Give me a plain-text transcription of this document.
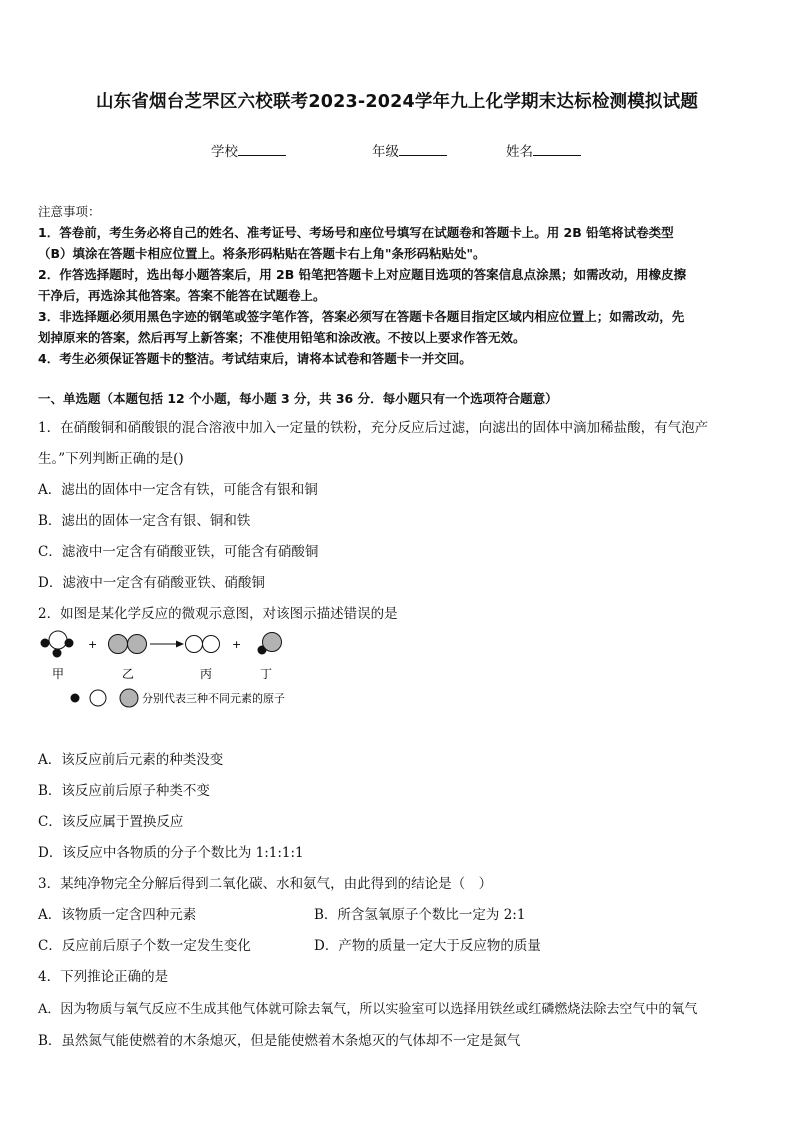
山东省烟台芝罘区六校联考2023-2024学年九上化学期末达标检测模拟试题
学校	年级	姓名
注意事项：
1．答卷前，考生务必将自己的姓名、准考证号、考场号和座位号填写在试题卷和答题卡上。用 2B 铅笔将试卷类型
（B）填涂在答题卡相应位置上。将条形码粘贴在答题卡右上角"条形码粘贴处"。
2．作答选择题时，选出每小题答案后，用 2B 铅笔把答题卡上对应题目选项的答案信息点涂黑；如需改动，用橡皮擦
干净后，再选涂其他答案。答案不能答在试题卷上。
3．非选择题必须用黑色字迹的钢笔或签字笔作答，答案必须写在答题卡各题目指定区域内相应位置上；如需改动，先
划掉原来的答案，然后再写上新答案；不准使用铅笔和涂改液。不按以上要求作答无效。
4．考生必须保证答题卡的整洁。考试结束后，请将本试卷和答题卡一并交回。
一、单选题（本题包括 12 个小题，每小题 3 分，共 36 分．每小题只有一个选项符合题意）
1．在硝酸铜和硝酸银的混合溶液中加入一定量的铁粉，充分反应后过滤，向滤出的固体中滴加稀盐酸，有气泡产
生。”下列判断正确的是()
A．滤出的固体中一定含有铁，可能含有银和铜
B．滤出的固体一定含有银、铜和铁
C．滤液中一定含有硝酸亚铁，可能含有硝酸铜
D．滤液中一定含有硝酸亚铁、硝酸铜
2．如图是某化学反应的微观示意图，对该图示描述错误的是
+	+
甲	乙	丙	丁
分别代表三种不同元素的原子
A．该反应前后元素的种类没变
B．该反应前后原子种类不变
C．该反应属于置换反应
D．该反应中各物质的分子个数比为 1:1:1:1
3．某纯净物完全分解后得到二氧化碳、水和氨气，由此得到的结论是（　）
A．该物质一定含四种元素	B．所含氢氧原子个数比一定为 2:1
C．反应前后原子个数一定发生变化	D．产物的质量一定大于反应物的质量
4．下列推论正确的是
A．因为物质与氧气反应不生成其他气体就可除去氧气，所以实验室可以选择用铁丝或红磷燃烧法除去空气中的氧气
B．虽然氮气能使燃着的木条熄灭，但是能使燃着木条熄灭的气体却不一定是氮气
